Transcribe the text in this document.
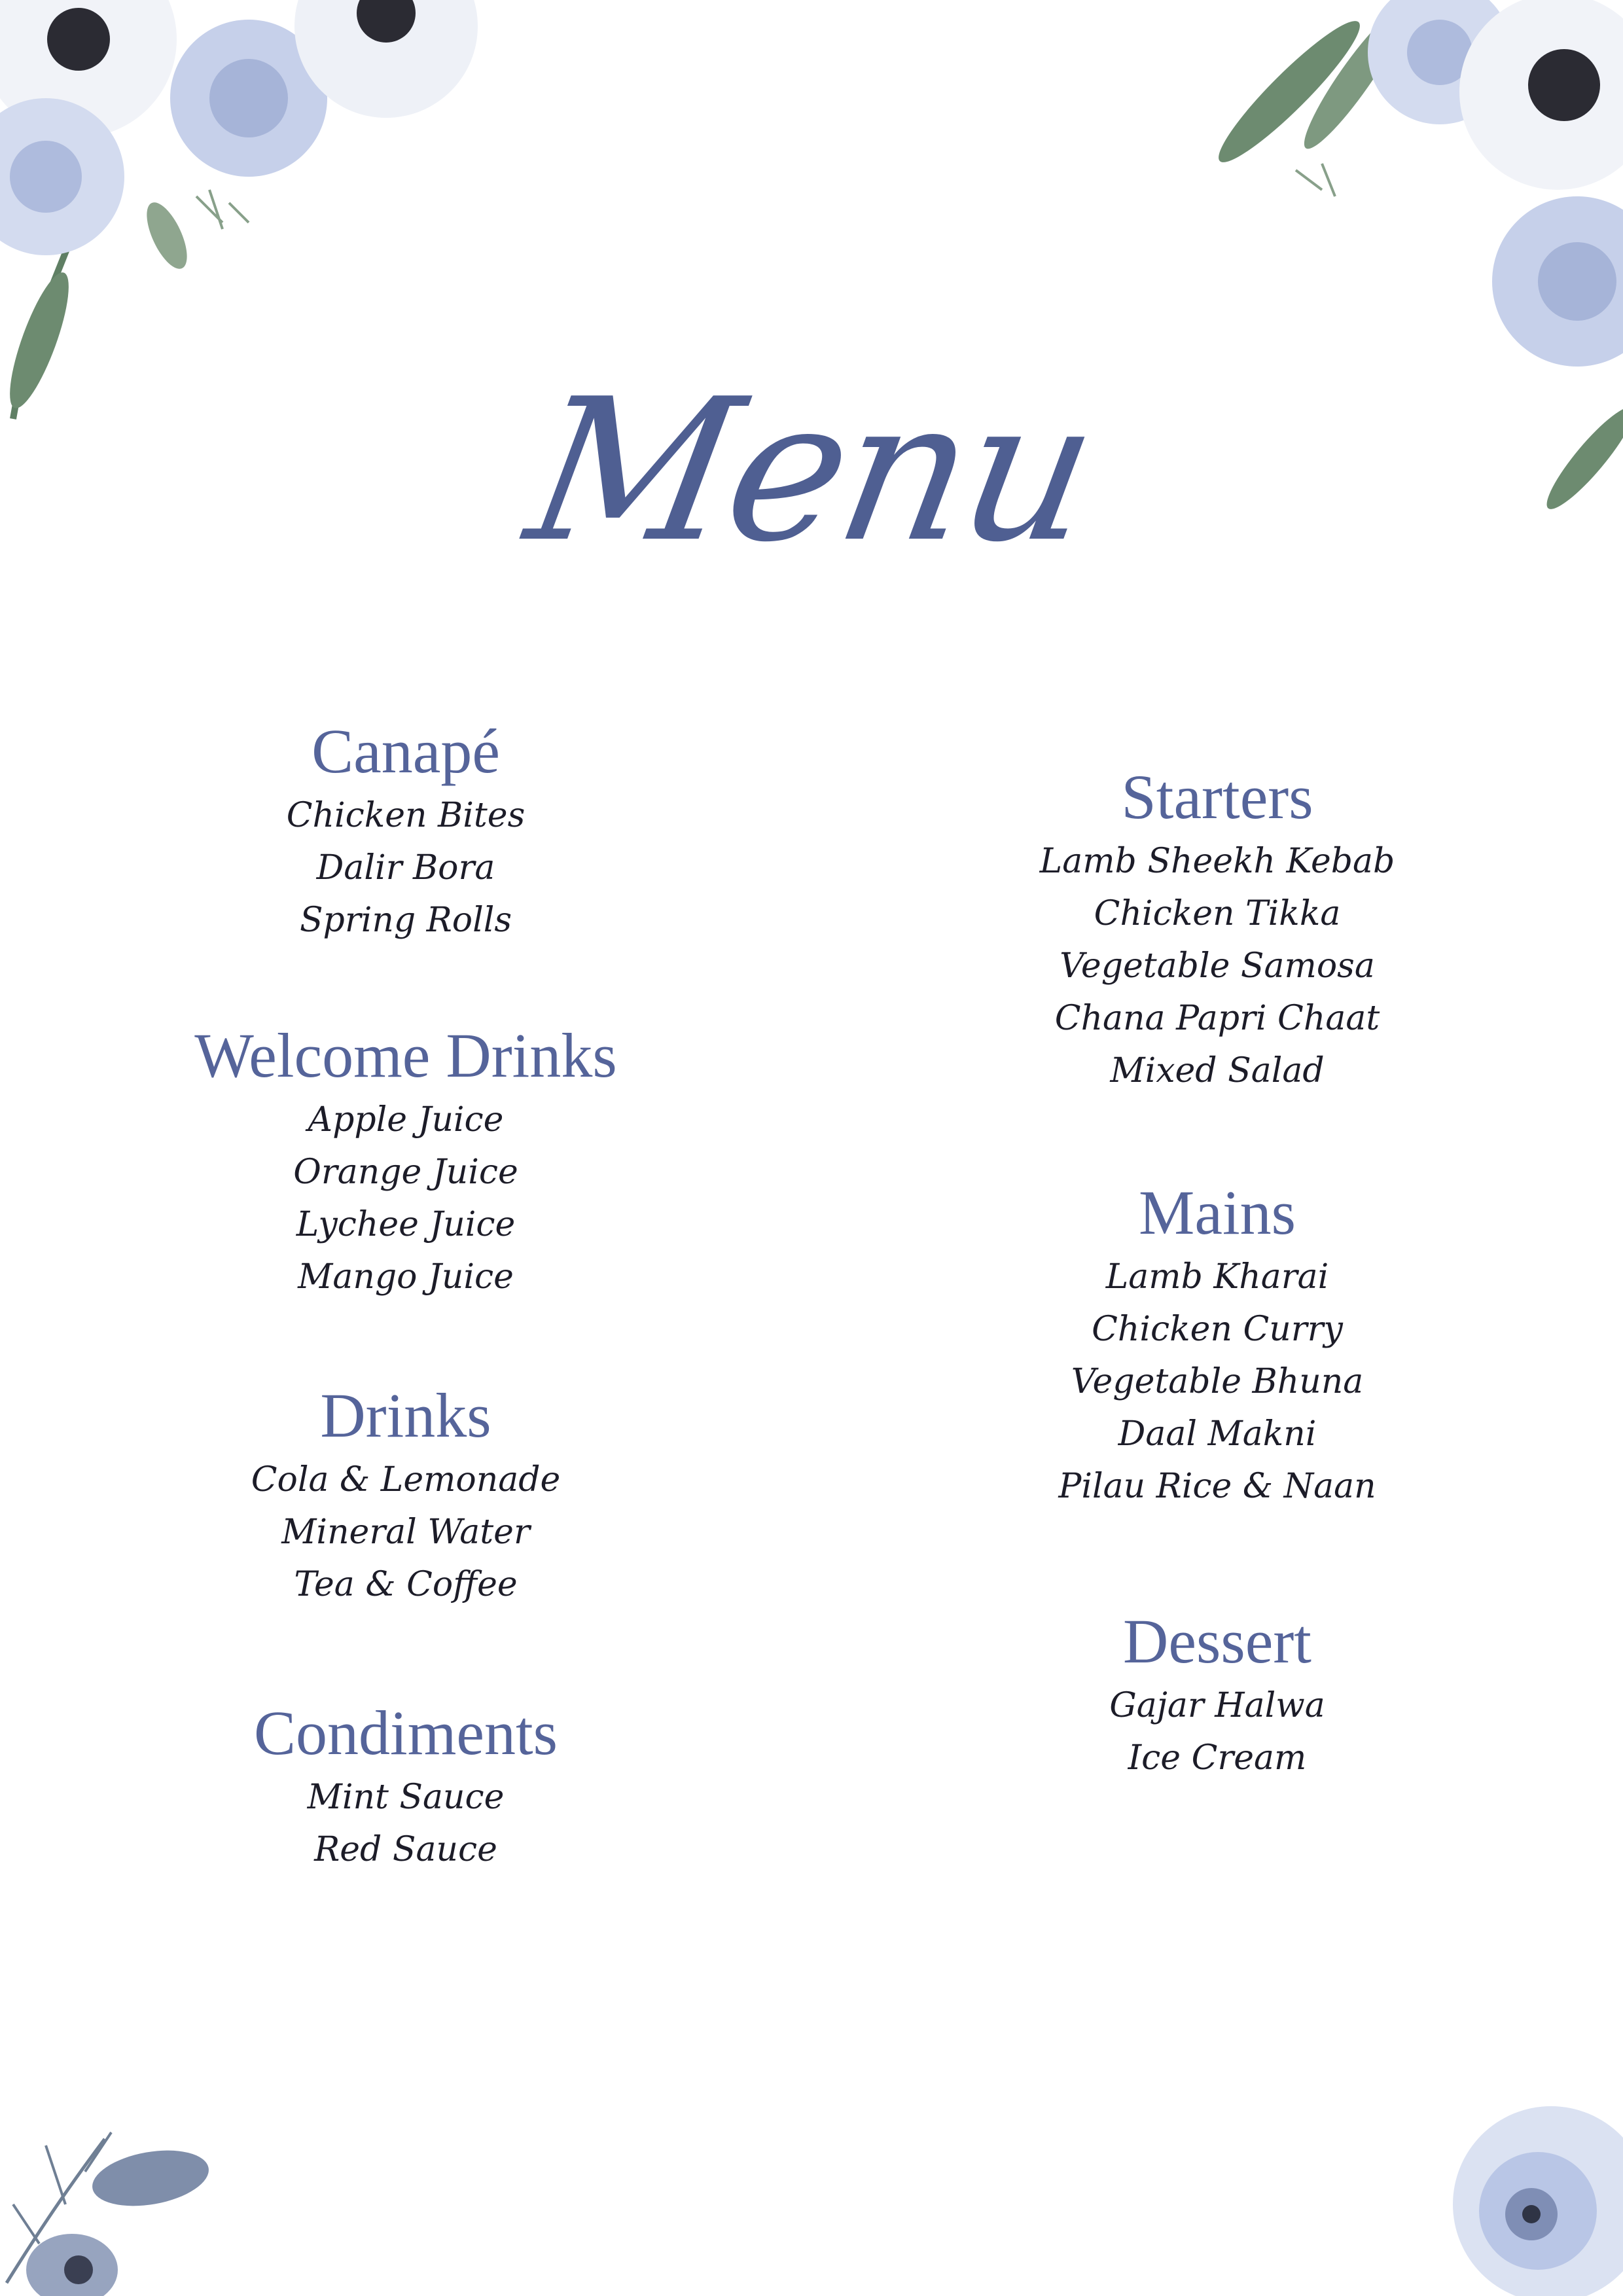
Menu
Canapé
Chicken Bites
Dalir Bora
Spring Rolls
Welcome Drinks
Apple Juice
Orange Juice
Lychee Juice
Mango Juice
Drinks
Cola & Lemonade
Mineral Water
Tea & Coffee
Condiments
Mint Sauce
Red Sauce
Starters
Lamb Sheekh Kebab
Chicken Tikka
Vegetable Samosa
Chana Papri Chaat
Mixed Salad
Mains
Lamb Kharai
Chicken Curry
Vegetable Bhuna
Daal Makni
Pilau Rice & Naan
Dessert
Gajar Halwa
Ice Cream
